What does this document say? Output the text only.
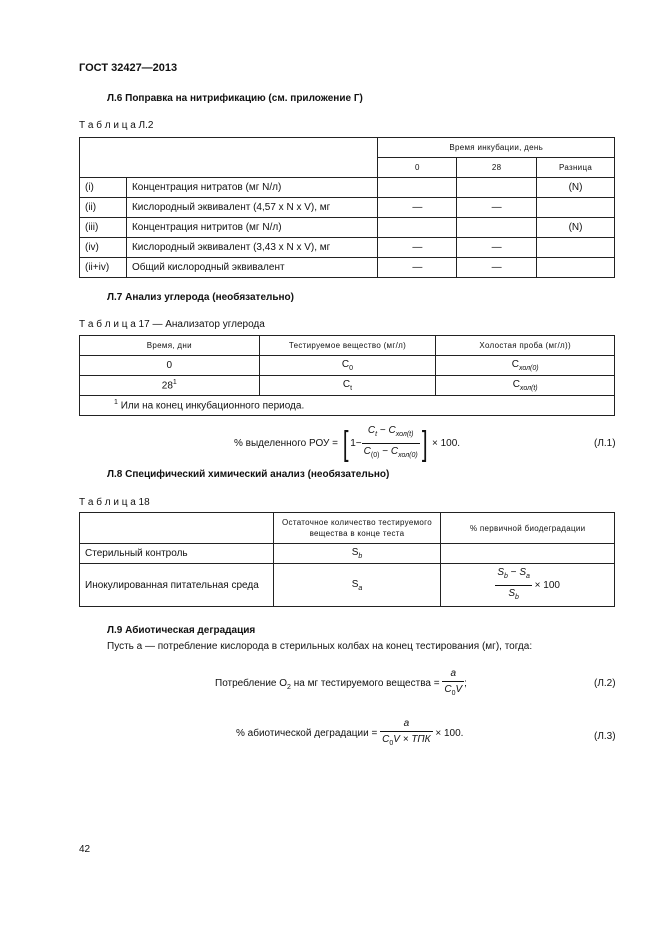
ГОСТ 32427—2013
Л.6 Поправка на нитрификацию (см. приложение Г)
Т а б л и ц а Л.2
		Время инкубации, день		
		0	28	Разница
(i)	Концентрация нитратов (мг N/л)			(N)
(ii)	Кислородный эквивалент (4,57 х N x V), мг	—	—	
(iii)	Концентрация нитритов (мг N/л)			(N)
(iv)	Кислородный эквивалент (3,43 х N x V), мг	—	—	
(ii+iv)	Общий кислородный эквивалент	—	—	
Л.7 Анализ углерода (необязательно)
Т а б л и ц а 17 — Анализатор углерода
Время, дни	Тестируемое вещество (мг/л)	Холостая проба (мг/л))
0	$C_0$	$C_{хол(0)}$
$28^1$	$C_t$	$C_{хол(t)}$
$^1$ Или на конец инкубационного периода.		
% выделенного РОУ = [ $1- \frac{C_t - C_{хол(t)}}{C_{(0)} - C_{хол(0)}}$ ] × 100.	(Л.1)
Л.8 Специфический химический анализ (необязательно)
Т а б л и ц а 18
	Остаточное количество тестируемого вещества в конце теста	% первичной биодеградации
Стерильный контроль	$S_b$	
Инокулированная питательная среда	$S_a$	$\frac{S_b - S_a}{S_b} \times 100$
Л.9 Абиотическая деградация
Пусть а — потребление кислорода в стерильных колбах на конец тестирования (мг), тогда:
Потребление $O_2$ на мг тестируемого вещества = $\frac{a}{C_0V}$ ;	(Л.2)
% абиотической деградации = $\frac{a}{C_0V \times ТПК} \times 100$.	(Л.3)
42
